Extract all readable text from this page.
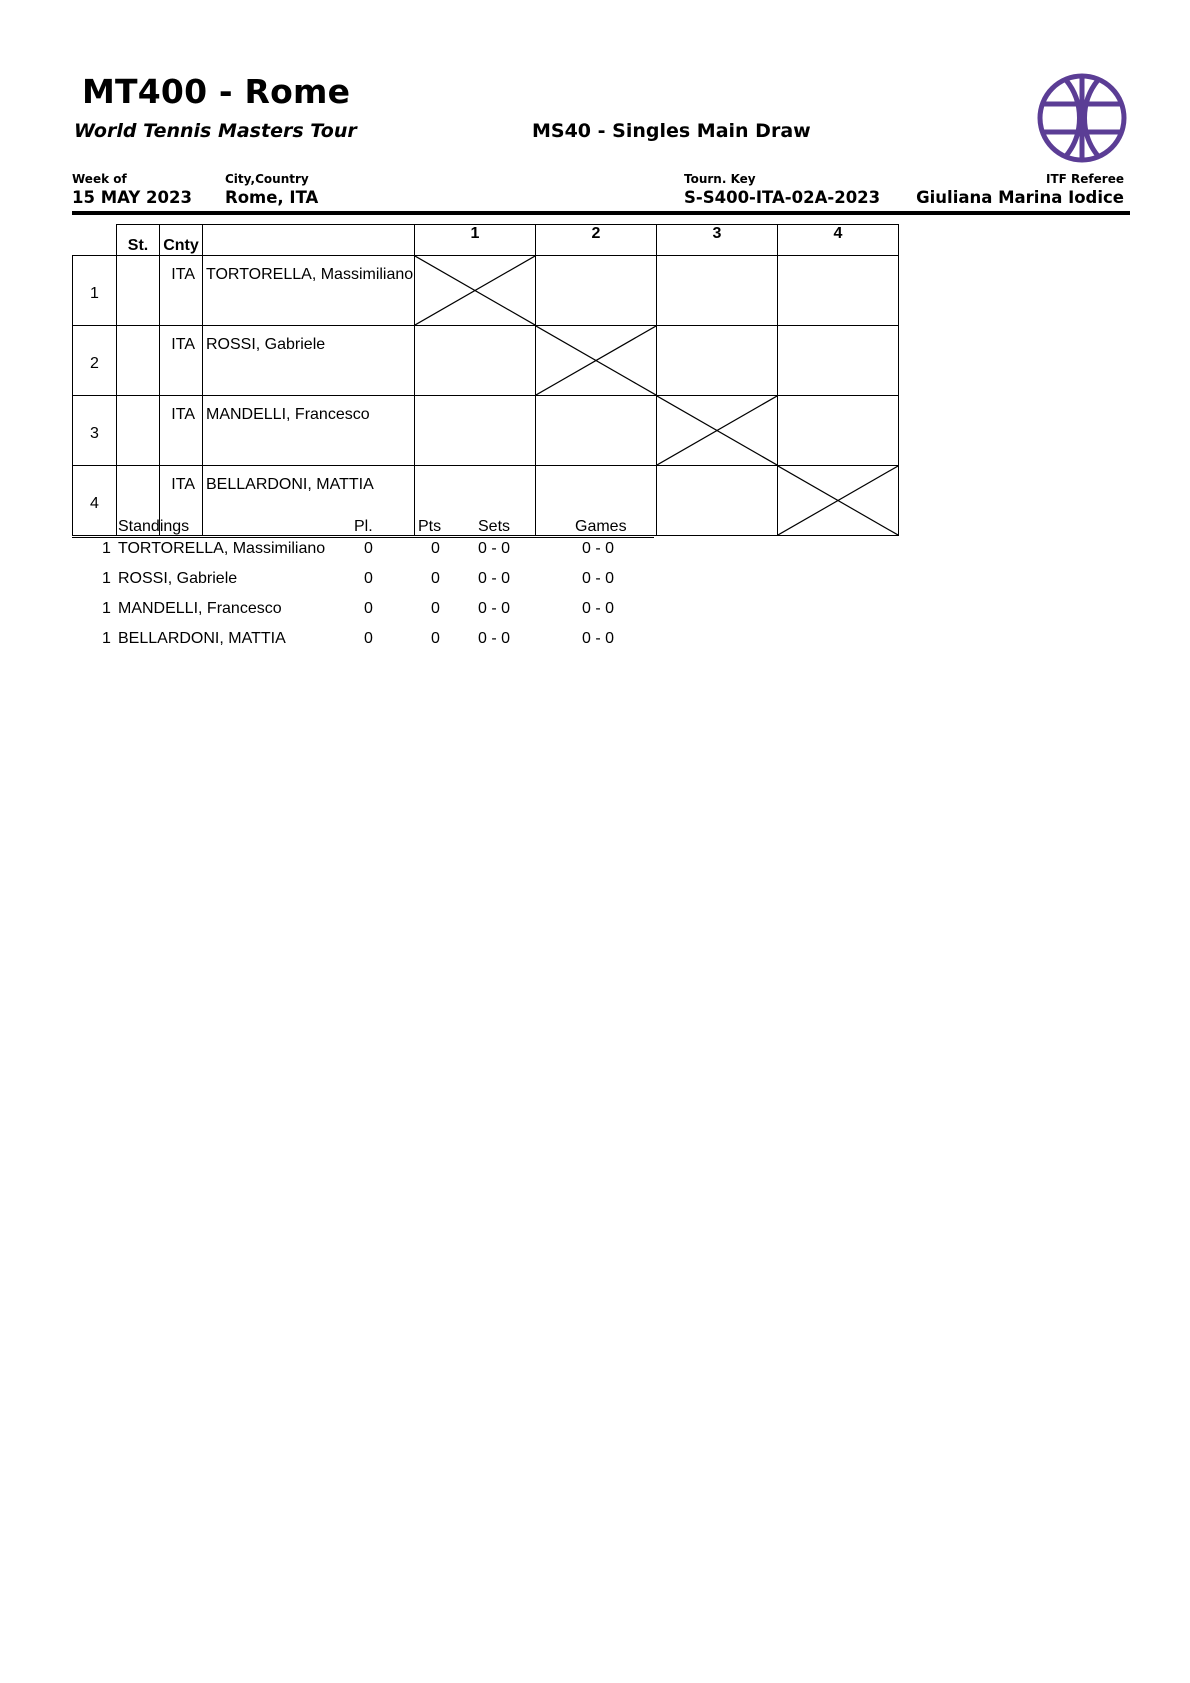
MT400 - Rome
World Tennis Masters Tour	MS40 - Singles Main Draw
Week of
15 MAY 2023
City,Country
Rome, ITA
Tourn. Key
S-S400-ITA-02A-2023
ITF Referee
Giuliana Marina Iodice
	St.	Cnty		1	2	3	4
1		ITA	TORTORELLA, Massimiliano	

2		ITA	ROSSI, Gabriele		

3		ITA	MANDELLI, Francesco			

4		ITA	BELLARDONI, MATTIA				
Standings	Pl.	Pts Sets	Games
1 TORTORELLA, Massimiliano 0	0 0 - 0	0 - 0
1 ROSSI, Gabriele	0	0 0 - 0	0 - 0
1 MANDELLI, Francesco	0	0 0 - 0	0 - 0
1 BELLARDONI, MATTIA	0	0 0 - 0	0 - 0
